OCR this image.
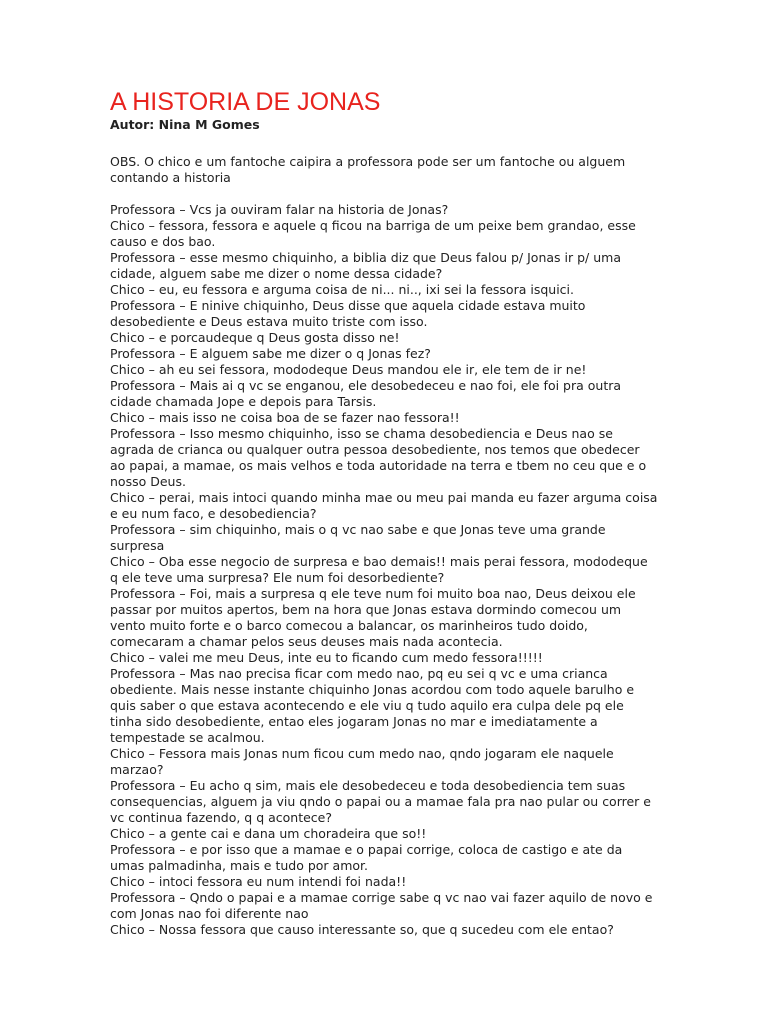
A HISTORIA DE JONAS

Autor: Nina M Gomes

OBS. O chico e um fantoche caipira a professora pode ser um fantoche ou alguem contando a historia

Professora – Vcs ja ouviram falar na historia de Jonas?

Chico – fessora, fessora e aquele q ficou na barriga de um peixe bem grandao, esse causo e dos bao.

Professora – esse mesmo chiquinho, a biblia diz que Deus falou p/ Jonas ir p/ uma cidade, alguem sabe me dizer o nome dessa cidade?

Chico – eu, eu fessora e arguma coisa de ni... ni.., ixi sei la fessora isquici.

Professora – E ninive chiquinho, Deus disse que aquela cidade estava muito desobediente e Deus estava muito triste com isso.

Chico – e porcaudeque q Deus gosta disso ne!

Professora – E alguem sabe me dizer o q Jonas fez?

Chico – ah eu sei fessora, mododeque Deus mandou ele ir, ele tem de ir ne!

Professora – Mais ai q vc se enganou, ele desobedeceu e nao foi, ele foi pra outra cidade chamada Jope e depois para Tarsis.

Chico – mais isso ne coisa boa de se fazer nao fessora!!

Professora – Isso mesmo chiquinho, isso se chama desobediencia e Deus nao se agrada de crianca ou qualquer outra pessoa desobediente, nos temos que obedecer ao papai, a mamae, os mais velhos e toda autoridade na terra e tbem no ceu que e o nosso Deus.

Chico – perai, mais intoci quando minha mae ou meu pai manda eu fazer arguma coisa e eu num faco, e desobediencia?

Professora – sim chiquinho, mais o q vc nao sabe e que Jonas teve uma grande surpresa

Chico – Oba esse negocio de surpresa e bao demais!! mais perai fessora, mododeque q ele teve uma surpresa? Ele num foi desorbediente?

Professora – Foi, mais a surpresa q ele teve num foi muito boa nao, Deus deixou ele passar por muitos apertos, bem na hora que Jonas estava dormindo comecou um vento muito forte e o barco comecou a balancar, os marinheiros tudo doido, comecaram a chamar pelos seus deuses mais nada acontecia.

Chico – valei me meu Deus, inte eu to ficando cum medo fessora!!!!!

Professora – Mas nao precisa ficar com medo nao, pq eu sei q vc e uma crianca obediente. Mais nesse instante chiquinho Jonas acordou com todo aquele barulho e quis saber o que estava acontecendo e ele viu q tudo aquilo era culpa dele pq ele tinha sido desobediente, entao eles jogaram Jonas no mar e imediatamente a tempestade se acalmou.

Chico – Fessora mais Jonas num ficou cum medo nao, qndo jogaram ele naquele marzao?

Professora – Eu acho q sim, mais ele desobedeceu e toda desobediencia tem suas consequencias, alguem ja viu qndo o papai ou a mamae fala pra nao pular ou correr e vc continua fazendo, q q acontece?

Chico – a gente cai e dana um choradeira que so!!

Professora – e por isso que a mamae e o papai corrige, coloca de castigo e ate da umas palmadinha, mais e tudo por amor.

Chico – intoci fessora eu num intendi foi nada!!

Professora – Qndo o papai e a mamae corrige sabe q vc nao vai fazer aquilo de novo e com Jonas nao foi diferente nao

Chico – Nossa fessora que causo interessante so, que q sucedeu com ele entao?
